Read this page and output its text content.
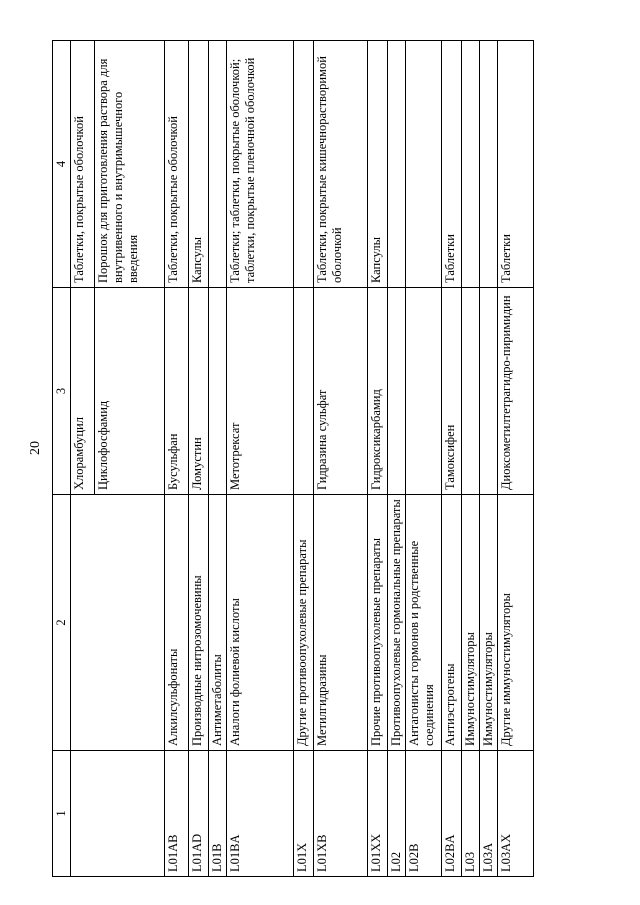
20
1	2	3	4
		Хлорамбуцил	Таблетки, покрытые оболочкой
		Циклофосфамид	Порошок для приготовления раствора для внутривенного и внутримышечного введения
L01AB	Алкилсульфонаты	Бусульфан	Таблетки, покрытые оболочкой
L01AD	Производные нитрозомочевины	Ломустин	Капсулы
L01B	Антиметаболиты		
L01BA	Аналоги фолиевой кислоты	Метотрексат	Таблетки; таблетки, покрытые оболочкой; таблетки, покрытые пленочной оболочкой
L01X	Другие противоопухолевые препараты		
L01XB	Метилгидразины	Гидразина сульфат	Таблетки, покрытые кишечнорастворимой оболочкой
L01XX	Прочие противоопухолевые препараты	Гидроксикарбамид	Капсулы
L02	Противоопухолевые гормональные препараты		
L02B	Антагонисты гормонов и родственные соединения		
L02BA	Антиэстрогены	Тамоксифен	Таблетки
L03	Иммуностимуляторы		
L03A	Иммуностимуляторы		
L03AX	Другие иммуностимуляторы	Диоксометилтетрагидро-пиримидин	Таблетки
